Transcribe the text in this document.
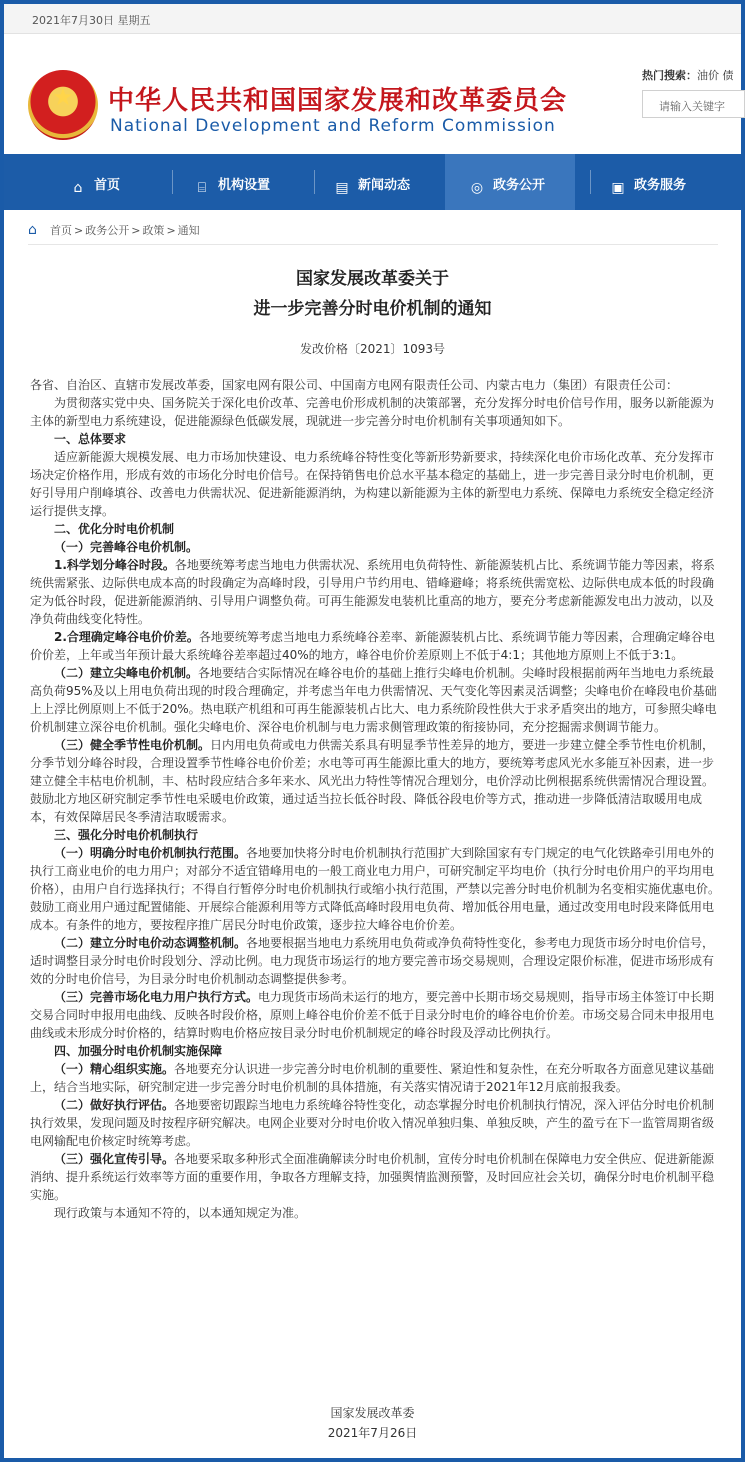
2021年7月30日 星期五
★ 中华人民共和国国家发展和改革委员会
National Development and Reform Commission
热门搜索：油价 债
请输入关键字
⌂ 首页	⌸ 机构设置	▤ 新闻动态	◎ 政务公开	▣ 政务服务
⌂ 首页 > 政务公开 > 政策 > 通知
国家发展改革委关于
进一步完善分时电价机制的通知
发改价格〔2021〕1093号

各省、自治区、直辖市发展改革委，国家电网有限公司、中国南方电网有限责任公司、内蒙古电力（集团）有限责任公司：

为贯彻落实党中央、国务院关于深化电价改革、完善电价形成机制的决策部署，充分发挥分时电价信号作用，服务以新能源为主体的新型电力系统建设，促进能源绿色低碳发展，现就进一步完善分时电价机制有关事项通知如下。

一、总体要求

适应新能源大规模发展、电力市场加快建设、电力系统峰谷特性变化等新形势新要求，持续深化电价市场化改革、充分发挥市场决定价格作用，形成有效的市场化分时电价信号。在保持销售电价总水平基本稳定的基础上，进一步完善目录分时电价机制，更好引导用户削峰填谷、改善电力供需状况、促进新能源消纳，为构建以新能源为主体的新型电力系统、保障电力系统安全稳定经济运行提供支撑。

二、优化分时电价机制

（一）完善峰谷电价机制。

1.科学划分峰谷时段。各地要统筹考虑当地电力供需状况、系统用电负荷特性、新能源装机占比、系统调节能力等因素，将系统供需紧张、边际供电成本高的时段确定为高峰时段，引导用户节约用电、错峰避峰；将系统供需宽松、边际供电成本低的时段确定为低谷时段，促进新能源消纳、引导用户调整负荷。可再生能源发电装机比重高的地方，要充分考虑新能源发电出力波动，以及净负荷曲线变化特性。

2.合理确定峰谷电价价差。各地要统筹考虑当地电力系统峰谷差率、新能源装机占比、系统调节能力等因素，合理确定峰谷电价价差，上年或当年预计最大系统峰谷差率超过40%的地方，峰谷电价价差原则上不低于4:1；其他地方原则上不低于3:1。

（二）建立尖峰电价机制。各地要结合实际情况在峰谷电价的基础上推行尖峰电价机制。尖峰时段根据前两年当地电力系统最高负荷95%及以上用电负荷出现的时段合理确定，并考虑当年电力供需情况、天气变化等因素灵活调整；尖峰电价在峰段电价基础上上浮比例原则上不低于20%。热电联产机组和可再生能源装机占比大、电力系统阶段性供大于求矛盾突出的地方，可参照尖峰电价机制建立深谷电价机制。强化尖峰电价、深谷电价机制与电力需求侧管理政策的衔接协同，充分挖掘需求侧调节能力。

（三）健全季节性电价机制。日内用电负荷或电力供需关系具有明显季节性差异的地方，要进一步建立健全季节性电价机制，分季节划分峰谷时段，合理设置季节性峰谷电价价差；水电等可再生能源比重大的地方，要统筹考虑风光水多能互补因素，进一步建立健全丰枯电价机制，丰、枯时段应结合多年来水、风光出力特性等情况合理划分，电价浮动比例根据系统供需情况合理设置。鼓励北方地区研究制定季节性电采暖电价政策，通过适当拉长低谷时段、降低谷段电价等方式，推动进一步降低清洁取暖用电成本，有效保障居民冬季清洁取暖需求。

三、强化分时电价机制执行

（一）明确分时电价机制执行范围。各地要加快将分时电价机制执行范围扩大到除国家有专门规定的电气化铁路牵引用电外的执行工商业电价的电力用户；对部分不适宜错峰用电的一般工商业电力用户，可研究制定平均电价（执行分时电价用户的平均用电价格），由用户自行选择执行；不得自行暂停分时电价机制执行或缩小执行范围，严禁以完善分时电价机制为名变相实施优惠电价。鼓励工商业用户通过配置储能、开展综合能源利用等方式降低高峰时段用电负荷、增加低谷用电量，通过改变用电时段来降低用电成本。有条件的地方，要按程序推广居民分时电价政策，逐步拉大峰谷电价价差。

（二）建立分时电价动态调整机制。各地要根据当地电力系统用电负荷或净负荷特性变化，参考电力现货市场分时电价信号，适时调整目录分时电价时段划分、浮动比例。电力现货市场运行的地方要完善市场交易规则，合理设定限价标准，促进市场形成有效的分时电价信号，为目录分时电价机制动态调整提供参考。

（三）完善市场化电力用户执行方式。电力现货市场尚未运行的地方，要完善中长期市场交易规则，指导市场主体签订中长期交易合同时申报用电曲线、反映各时段价格，原则上峰谷电价价差不低于目录分时电价的峰谷电价价差。市场交易合同未申报用电曲线或未形成分时价格的，结算时购电价格应按目录分时电价机制规定的峰谷时段及浮动比例执行。

四、加强分时电价机制实施保障

（一）精心组织实施。各地要充分认识进一步完善分时电价机制的重要性、紧迫性和复杂性，在充分听取各方面意见建议基础上，结合当地实际，研究制定进一步完善分时电价机制的具体措施，有关落实情况请于2021年12月底前报我委。

（二）做好执行评估。各地要密切跟踪当地电力系统峰谷特性变化，动态掌握分时电价机制执行情况，深入评估分时电价机制执行效果，发现问题及时按程序研究解决。电网企业要对分时电价收入情况单独归集、单独反映，产生的盈亏在下一监管周期省级电网输配电价核定时统筹考虑。

（三）强化宣传引导。各地要采取多种形式全面准确解读分时电价机制，宣传分时电价机制在保障电力安全供应、促进新能源消纳、提升系统运行效率等方面的重要作用，争取各方理解支持，加强舆情监测预警，及时回应社会关切，确保分时电价机制平稳实施。

现行政策与本通知不符的，以本通知规定为准。

国家发展改革委
2021年7月26日
